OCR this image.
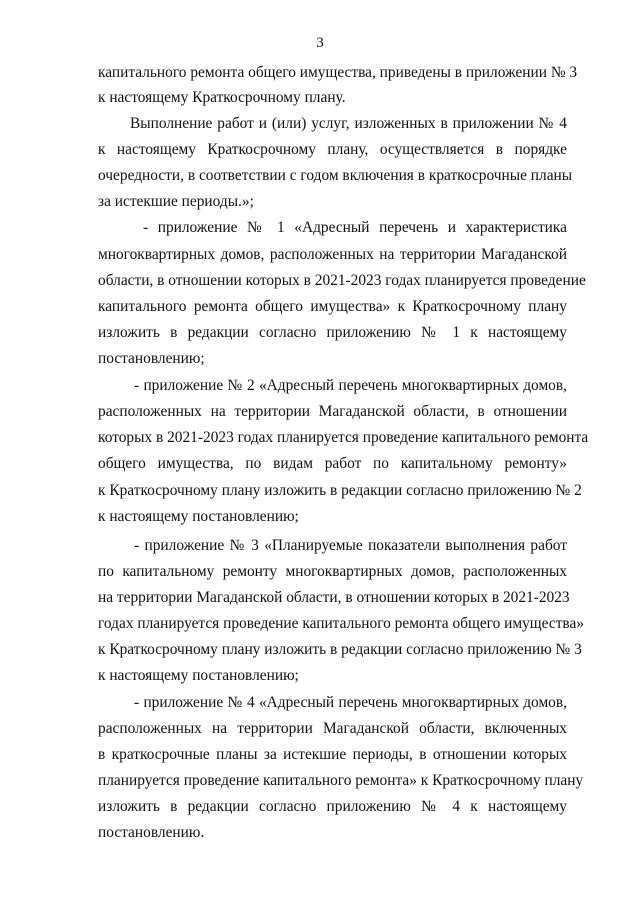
3
капитального ремонта общего имущества, приведены в приложении № 3
к настоящему Краткосрочному плану.
Выполнение работ и (или) услуг, изложенных в приложении № 4
к настоящему Краткосрочному плану, осуществляется в порядке
очередности, в соответствии с годом включения в краткосрочные планы
за истекшие периоды.»;
- приложение № 1 «Адресный перечень и характеристика
многоквартирных домов, расположенных на территории Магаданской
области, в отношении которых в 2021-2023 годах планируется проведение
капитального ремонта общего имущества» к Краткосрочному плану
изложить в редакции согласно приложению № 1 к настоящему
постановлению;
- приложение № 2 «Адресный перечень многоквартирных домов,
расположенных на территории Магаданской области, в отношении
которых в 2021-2023 годах планируется проведение капитального ремонта
общего имущества, по видам работ по капитальному ремонту»
к Краткосрочному плану изложить в редакции согласно приложению № 2
к настоящему постановлению;
- приложение № 3 «Планируемые показатели выполнения работ
по капитальному ремонту многоквартирных домов, расположенных
на территории Магаданской области, в отношении которых в 2021-2023
годах планируется проведение капитального ремонта общего имущества»
к Краткосрочному плану изложить в редакции согласно приложению № 3
к настоящему постановлению;
- приложение № 4 «Адресный перечень многоквартирных домов,
расположенных на территории Магаданской области, включенных
в краткосрочные планы за истекшие периоды, в отношении которых
планируется проведение капитального ремонта» к Краткосрочному плану
изложить в редакции согласно приложению № 4 к настоящему
постановлению.
